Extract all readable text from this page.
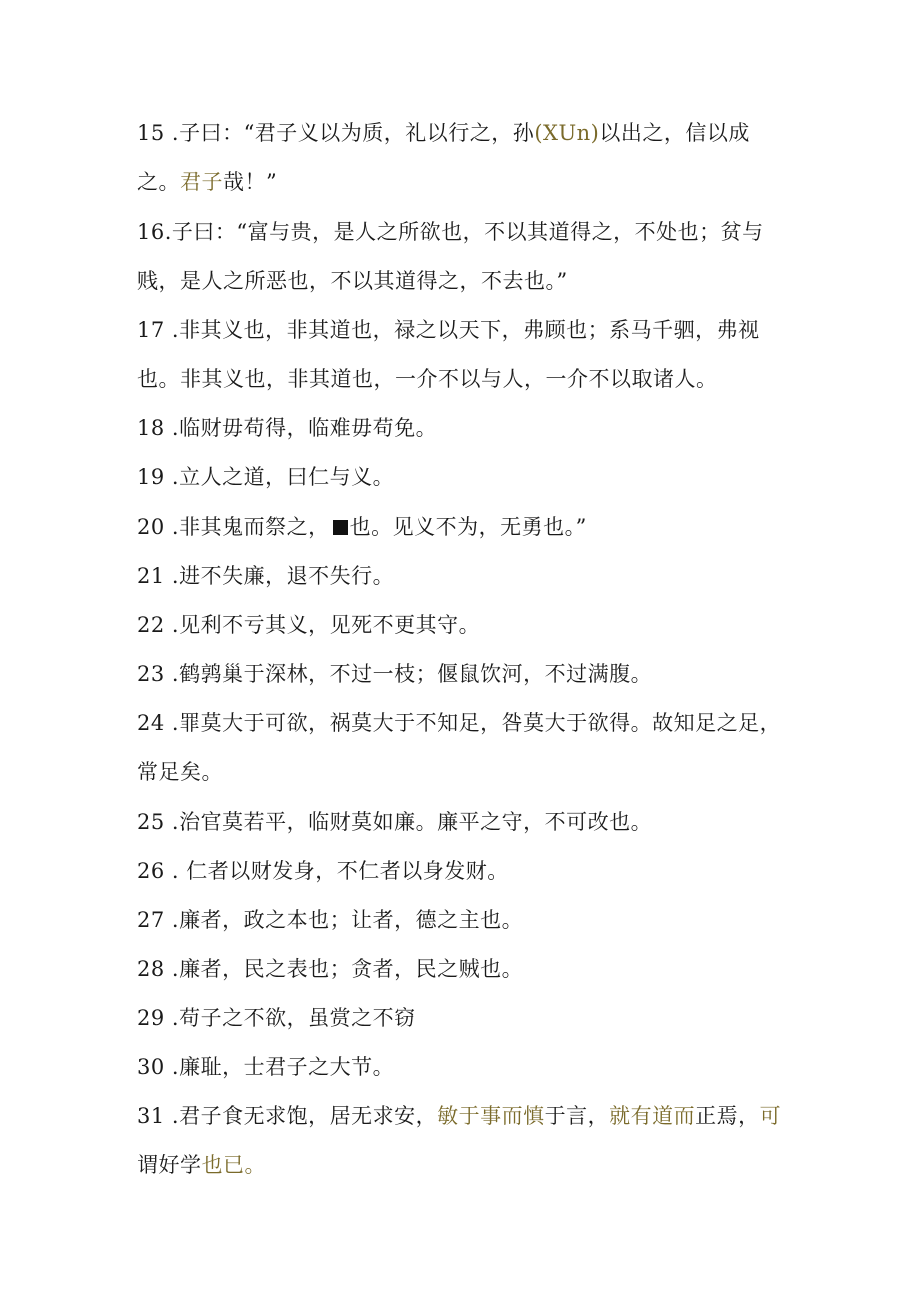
15 .子曰：“君子义以为质，礼以行之，孙(XUn)以出之，信以成
之。君子哉！”
16.子曰：“富与贵，是人之所欲也，不以其道得之，不处也；贫与
贱，是人之所恶也，不以其道得之，不去也。”
17 .非其义也，非其道也，禄之以天下，弗顾也；系马千驷，弗视
也。非其义也，非其道也，一介不以与人，一介不以取诸人。
18 .临财毋苟得，临难毋苟免。
19 .立人之道，曰仁与义。
20 .非其鬼而祭之， 也。见义不为，无勇也。”
21 .进不失廉，退不失行。
22 .见利不亏其义，见死不更其守。
23 .鹤鹑巢于深林，不过一枝；偃鼠饮河，不过满腹。
24 .罪莫大于可欲，祸莫大于不知足，咎莫大于欲得。故知足之足，
常足矣。
25 .治官莫若平，临财莫如廉。廉平之守，不可改也。
26 . 仁者以财发身，不仁者以身发财。
27 .廉者，政之本也；让者，德之主也。
28 .廉者，民之表也；贪者，民之贼也。
29 .苟子之不欲，虽赏之不窃
30 .廉耻，士君子之大节。
31 .君子食无求饱，居无求安，敏于事而慎于言，就有道而正焉，可
谓好学也已。
